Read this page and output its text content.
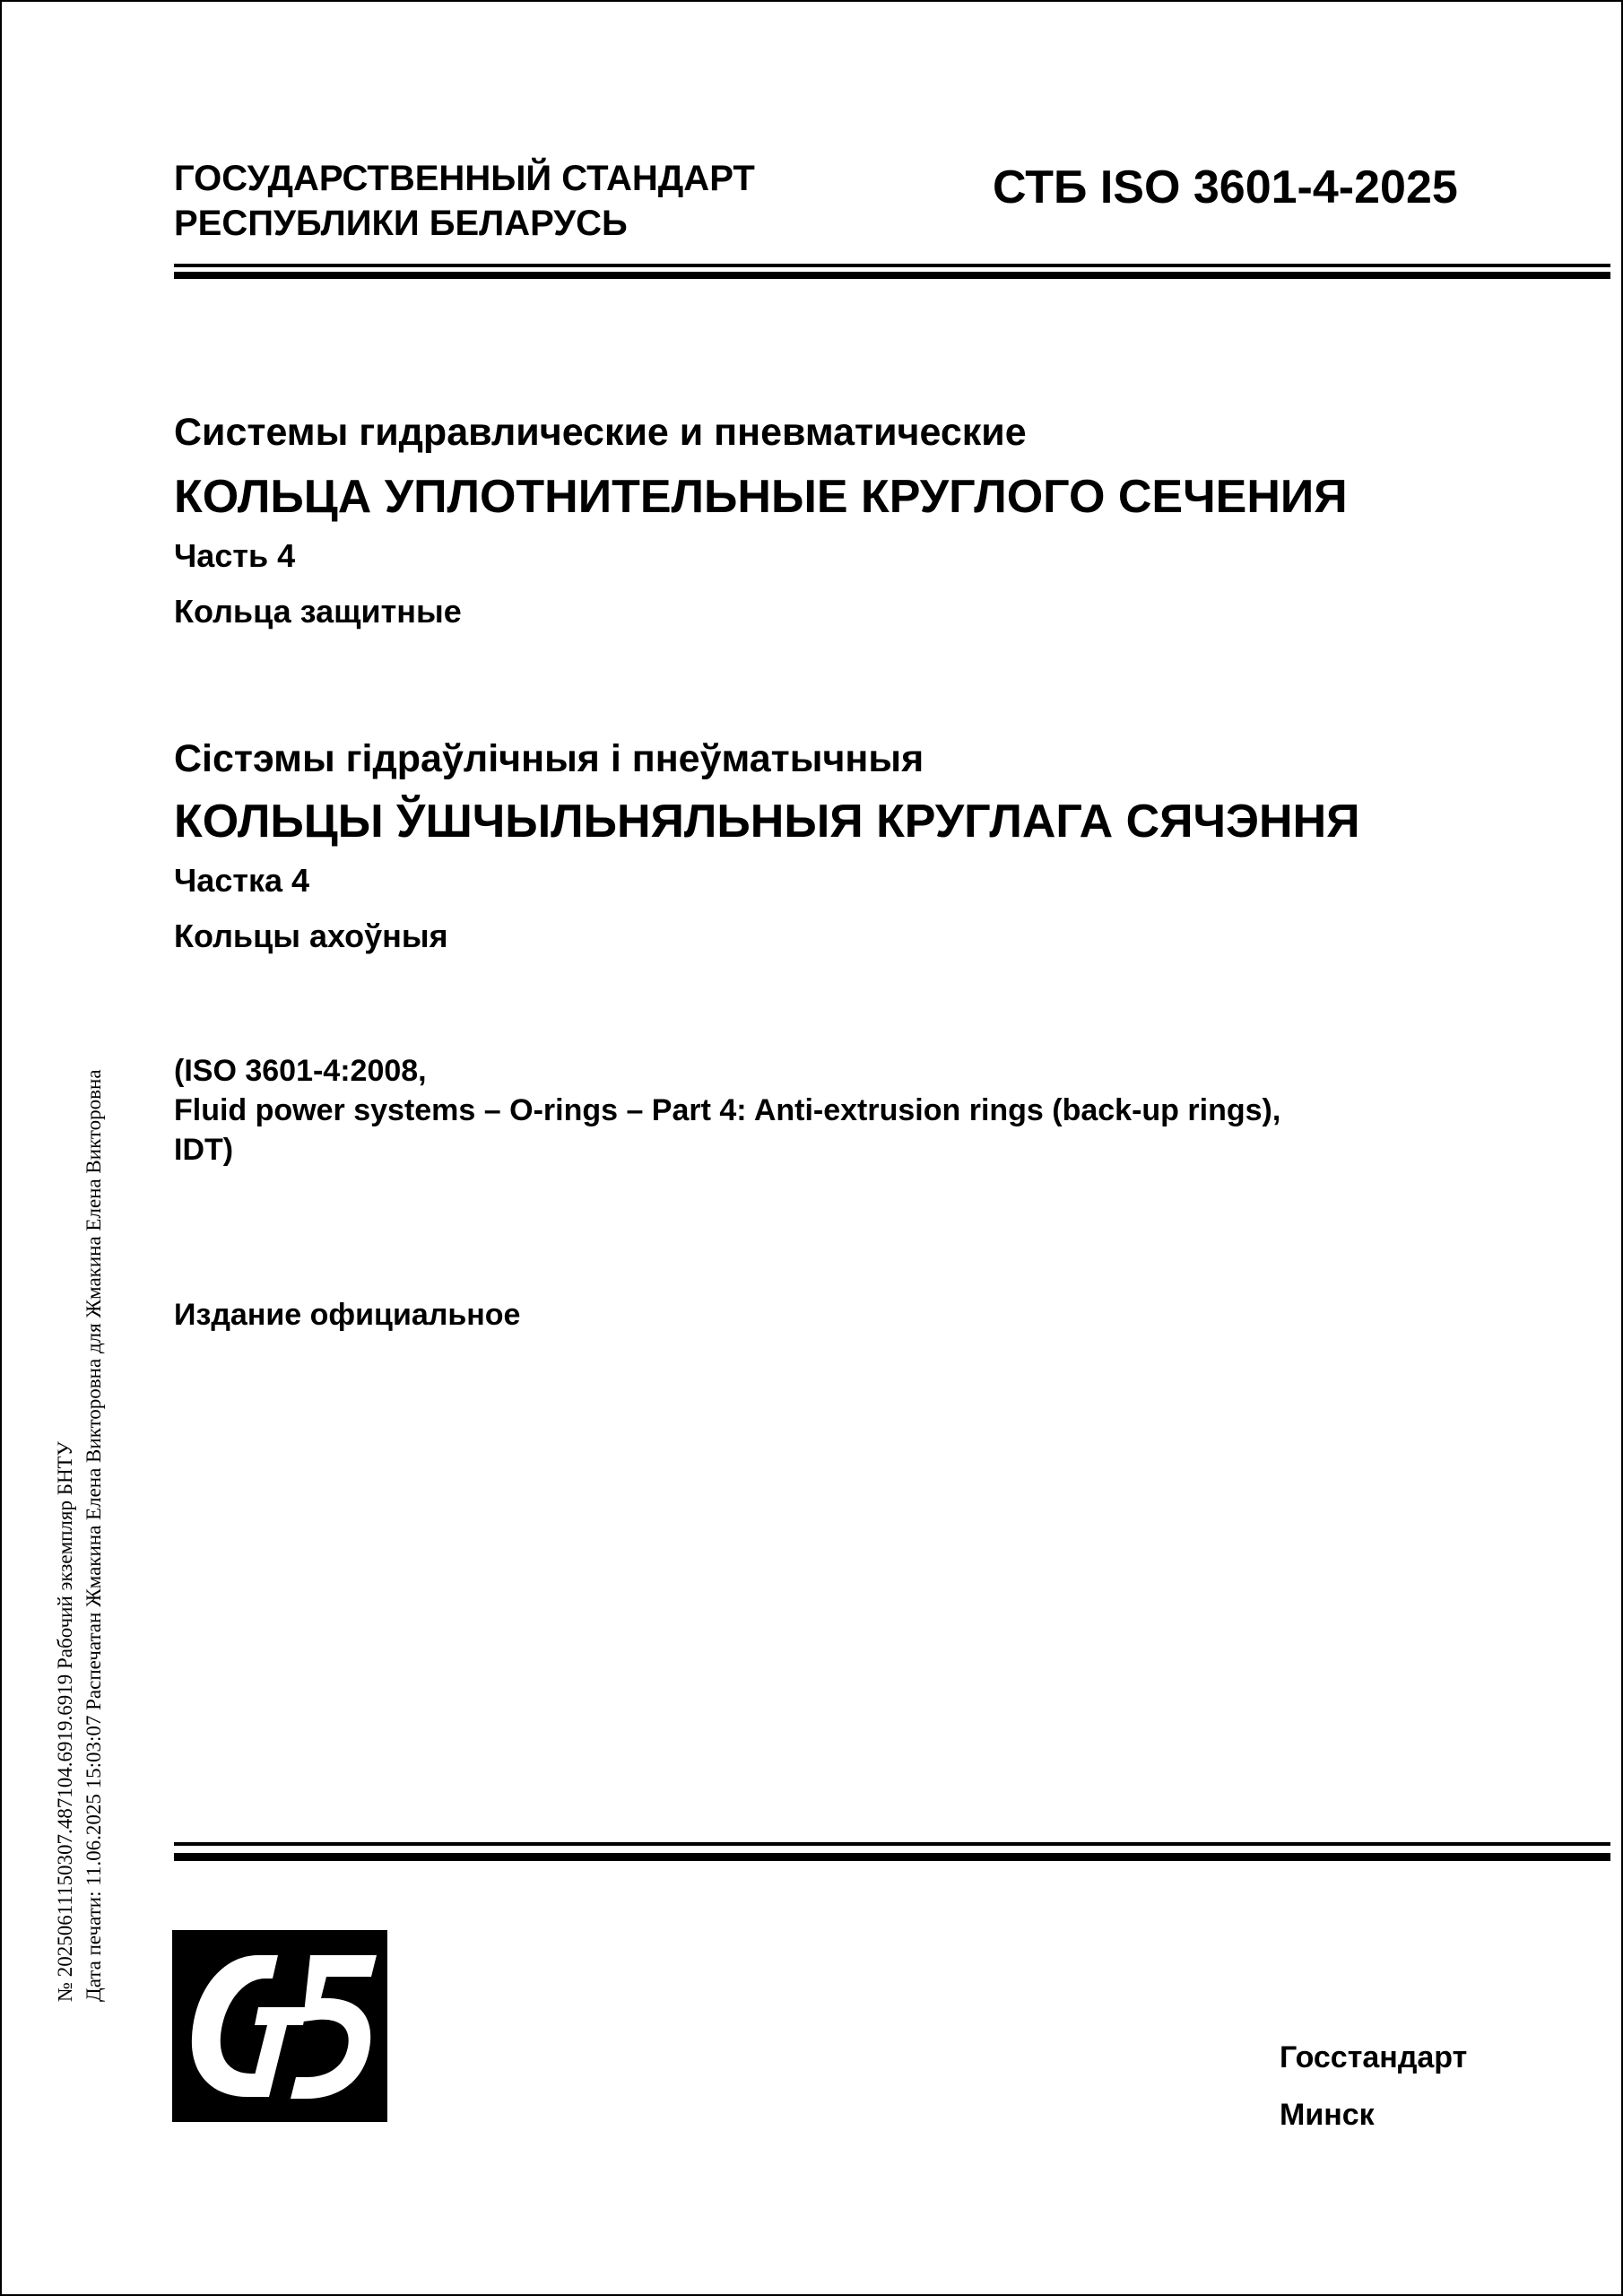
ГОСУДАРСТВЕННЫЙ СТАНДАРТ
РЕСПУБЛИКИ БЕЛАРУСЬ
СТБ ISO 3601-4-2025
Системы гидравлические и пневматические
КОЛЬЦА УПЛОТНИТЕЛЬНЫЕ КРУГЛОГО СЕЧЕНИЯ
Часть 4
Кольца защитные
Сістэмы гідраўлічныя і пнеўматычныя
КОЛЬЦЫ ЎШЧЫЛЬНЯЛЬНЫЯ КРУГЛАГА СЯЧЭННЯ
Частка 4
Кольцы ахоўныя
(ISO 3601-4:2008,
Fluid power systems – O-rings – Part 4: Anti-extrusion rings (back-up rings),
IDT)
Издание официальное
Госстандарт
Минск
№ 20250611150307.487104.6919.6919 Рабочий экземпляр БНТУ Дата печати: 11.06.2025 15:03:07 Распечатан Жмакина Елена Викторовна для Жмакина Елена Викторовна
